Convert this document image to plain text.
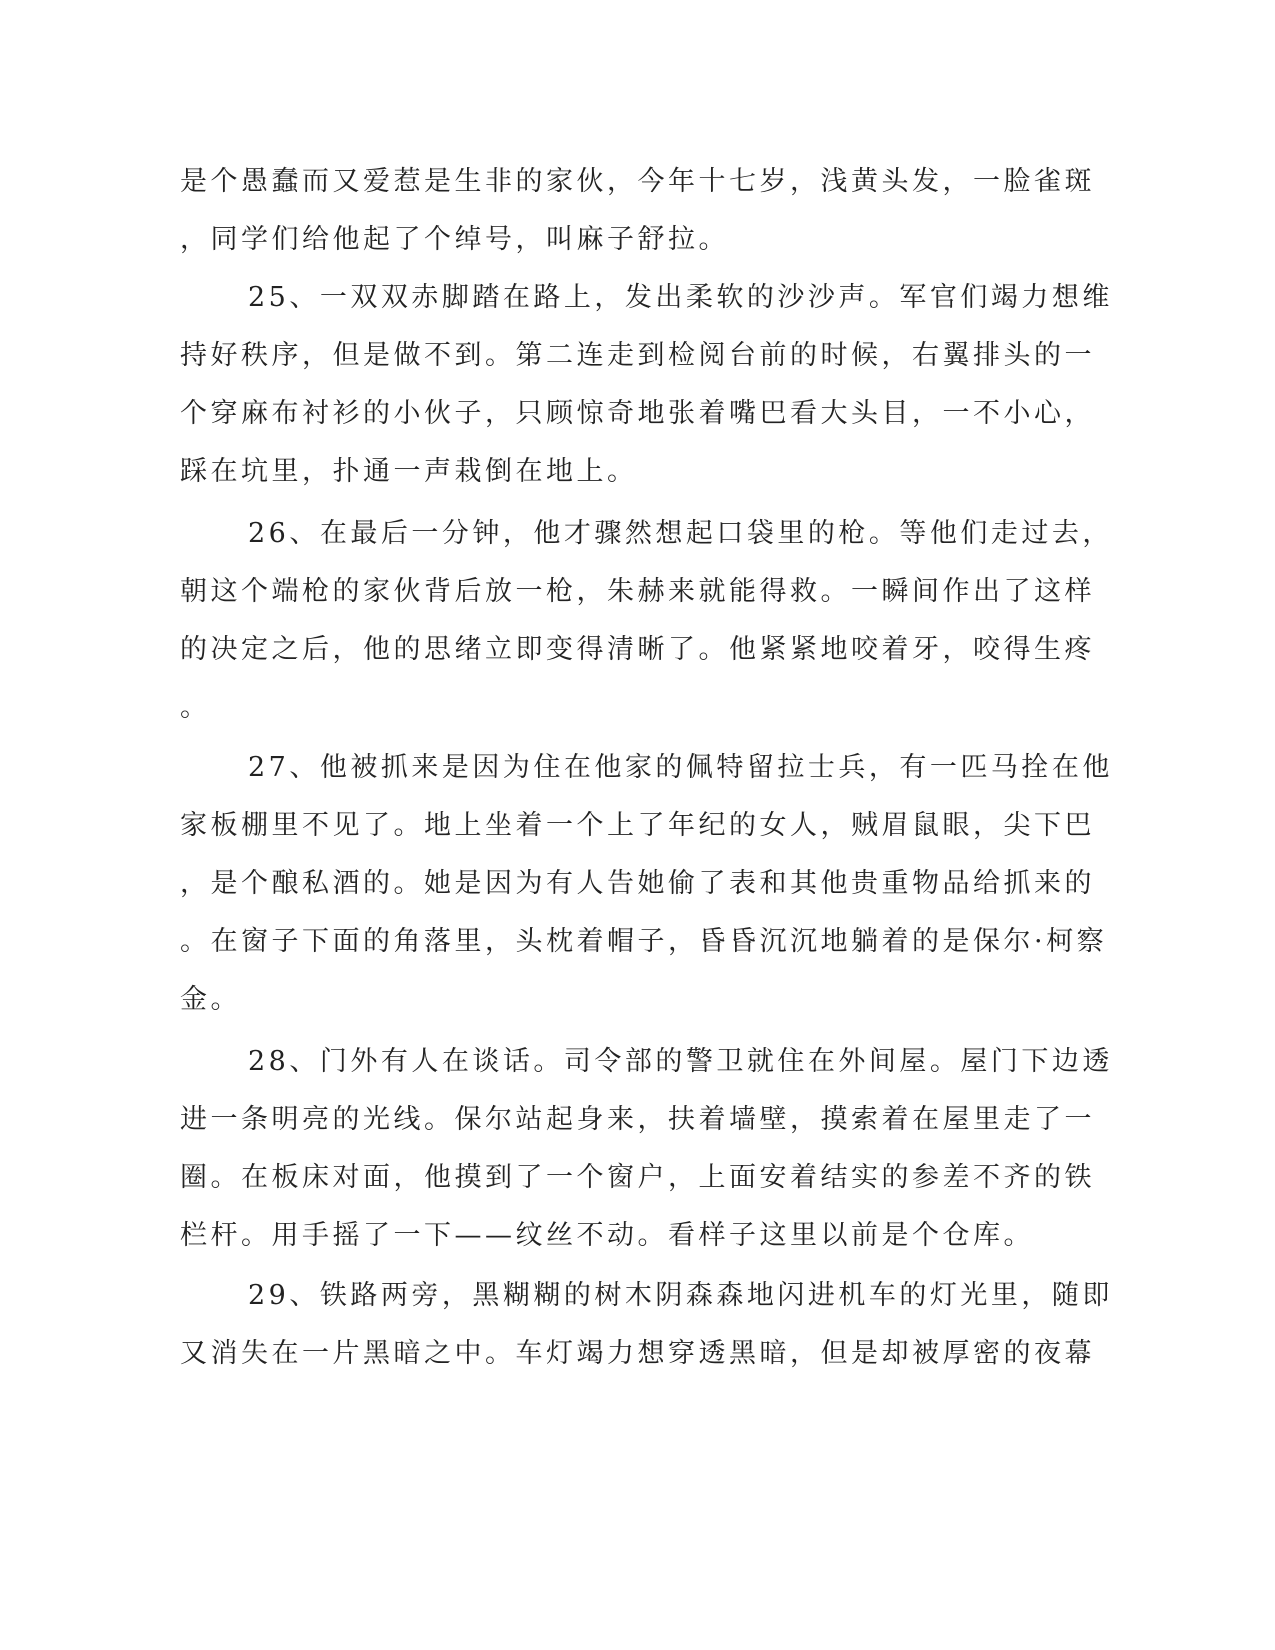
是个愚蠢而又爱惹是生非的家伙，今年十七岁，浅黄头发，一脸雀斑
，同学们给他起了个绰号，叫麻子舒拉。
25、一双双赤脚踏在路上，发出柔软的沙沙声。军官们竭力想维
持好秩序，但是做不到。第二连走到检阅台前的时候，右翼排头的一
个穿麻布衬衫的小伙子，只顾惊奇地张着嘴巴看大头目，一不小心，
踩在坑里，扑通一声栽倒在地上。
26、在最后一分钟，他才骤然想起口袋里的枪。等他们走过去，
朝这个端枪的家伙背后放一枪，朱赫来就能得救。一瞬间作出了这样
的决定之后，他的思绪立即变得清晰了。他紧紧地咬着牙，咬得生疼
。
27、他被抓来是因为住在他家的佩特留拉士兵，有一匹马拴在他
家板棚里不见了。地上坐着一个上了年纪的女人，贼眉鼠眼，尖下巴
，是个酿私酒的。她是因为有人告她偷了表和其他贵重物品给抓来的
。在窗子下面的角落里，头枕着帽子，昏昏沉沉地躺着的是保尔·柯察
金。
28、门外有人在谈话。司令部的警卫就住在外间屋。屋门下边透
进一条明亮的光线。保尔站起身来，扶着墙壁，摸索着在屋里走了一
圈。在板床对面，他摸到了一个窗户，上面安着结实的参差不齐的铁
栏杆。用手摇了一下——纹丝不动。看样子这里以前是个仓库。
29、铁路两旁，黑糊糊的树木阴森森地闪进机车的灯光里，随即
又消失在一片黑暗之中。车灯竭力想穿透黑暗，但是却被厚密的夜幕
